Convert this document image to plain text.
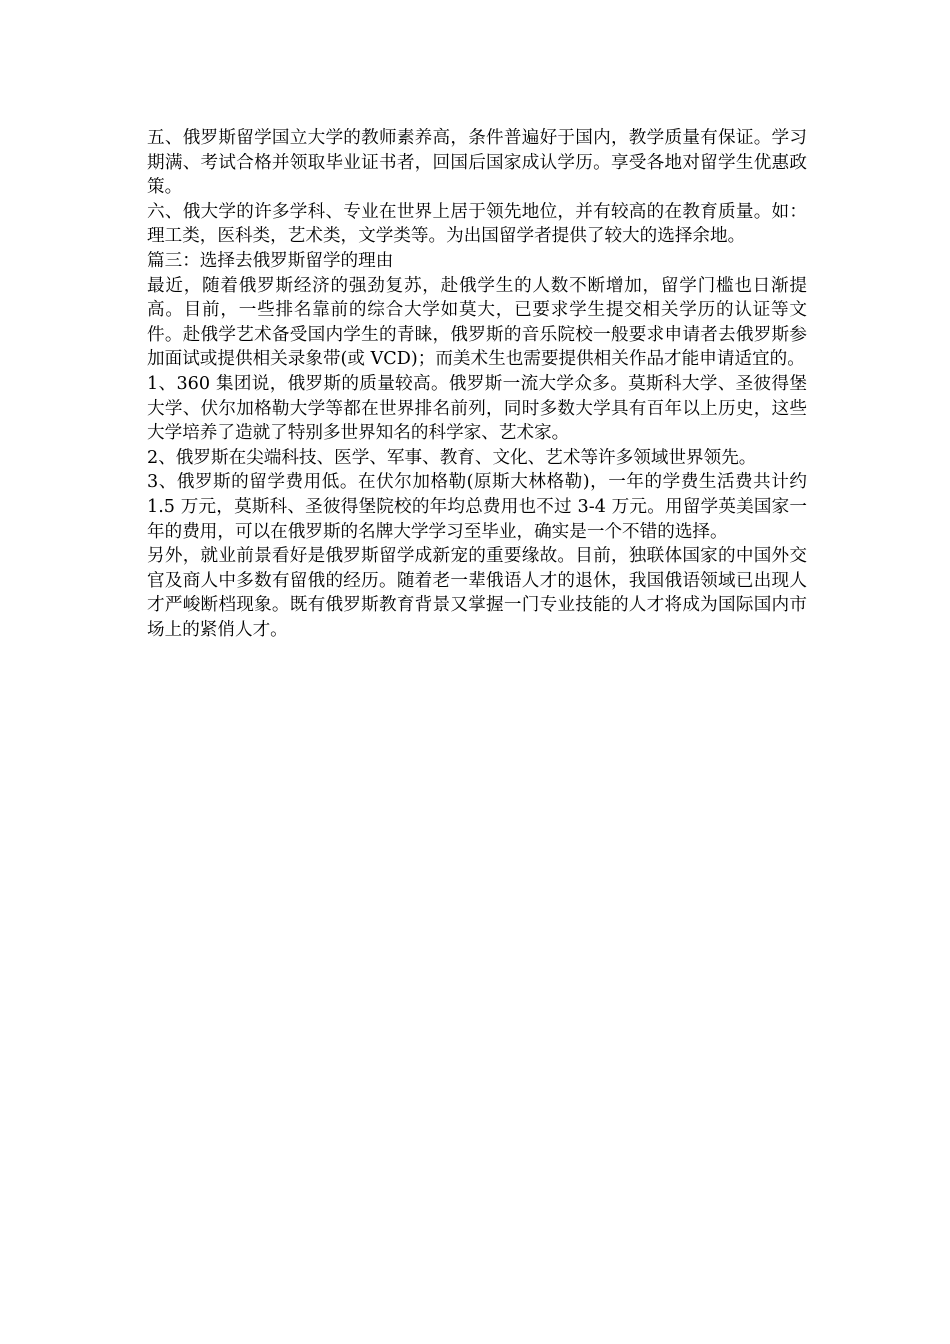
五、俄罗斯留学国立大学的教师素养高，条件普遍好于国内，教学质量有保证。学习期满、考试合格并领取毕业证书者，回国后国家成认学历。享受各地对留学生优惠政策。

六、俄大学的许多学科、专业在世界上居于领先地位，并有较高的在教育质量。如：理工类，医科类，艺术类，文学类等。为出国留学者提供了较大的选择余地。

篇三：选择去俄罗斯留学的理由

最近，随着俄罗斯经济的强劲复苏，赴俄学生的人数不断增加，留学门槛也日渐提高。目前，一些排名靠前的综合大学如莫大，已要求学生提交相关学历的认证等文件。赴俄学艺术备受国内学生的青睐，俄罗斯的音乐院校一般要求申请者去俄罗斯参加面试或提供相关录象带(或 VCD)；而美术生也需要提供相关作品才能申请适宜的。

1、360 集团说，俄罗斯的质量较高。俄罗斯一流大学众多。莫斯科大学、圣彼得堡大学、伏尔加格勒大学等都在世界排名前列，同时多数大学具有百年以上历史，这些大学培养了造就了特别多世界知名的科学家、艺术家。

2、俄罗斯在尖端科技、医学、军事、教育、文化、艺术等许多领域世界领先。

3、俄罗斯的留学费用低。在伏尔加格勒(原斯大林格勒)，一年的学费生活费共计约 1.5 万元，莫斯科、圣彼得堡院校的年均总费用也不过 3-4 万元。用留学英美国家一年的费用，可以在俄罗斯的名牌大学学习至毕业，确实是一个不错的选择。

另外，就业前景看好是俄罗斯留学成新宠的重要缘故。目前，独联体国家的中国外交官及商人中多数有留俄的经历。随着老一辈俄语人才的退休，我国俄语领域已出现人才严峻断档现象。既有俄罗斯教育背景又掌握一门专业技能的人才将成为国际国内市场上的紧俏人才。
